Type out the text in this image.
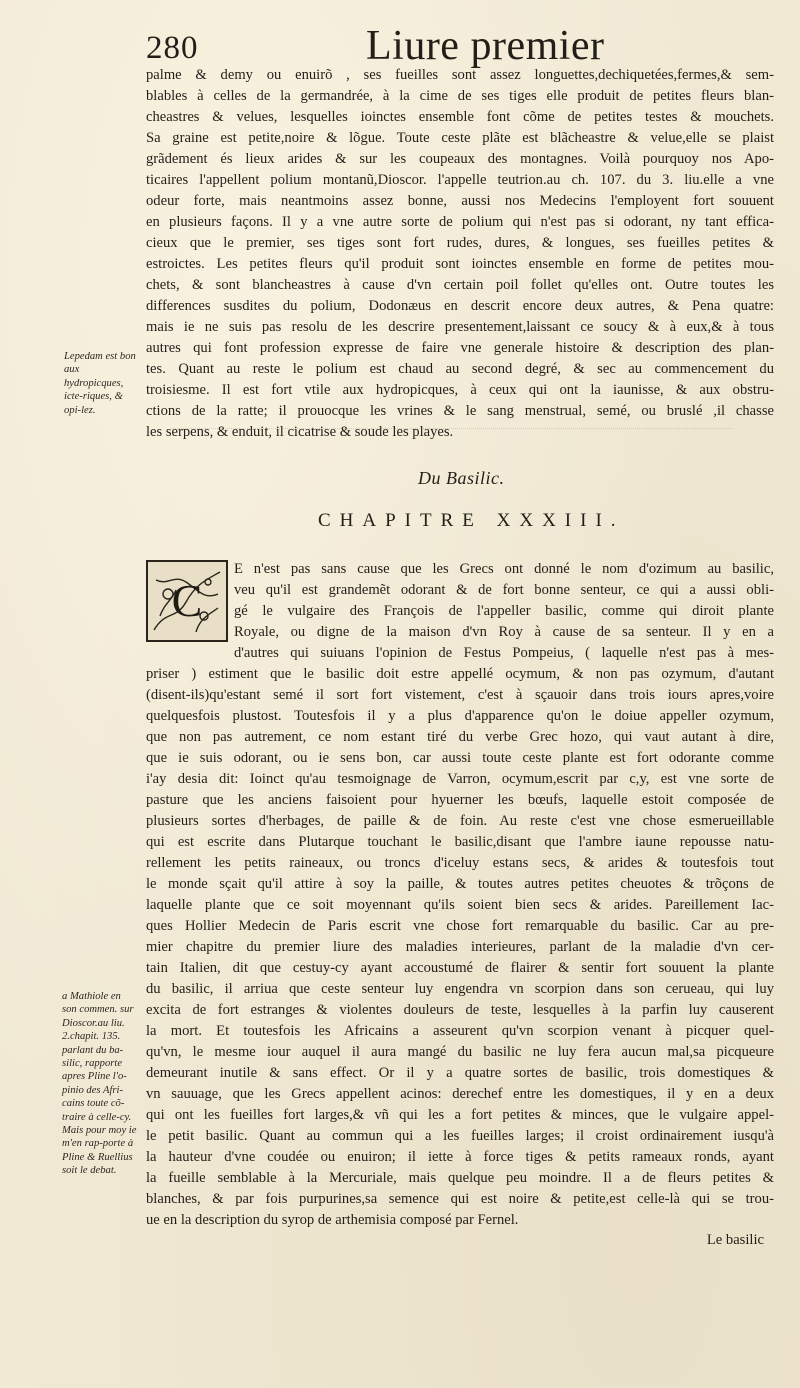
280	Liure premier
palme & demy ou enuirõ , ses fueilles sont assez longuettes,dechiquetées,fermes,& sem-
blables à celles de la germandrée, à la cime de ses tiges elle produit de petites fleurs blan-
cheastres & velues, lesquelles ioinctes ensemble font cõme de petites testes & mouchets.
Sa graine est petite,noire & lõgue. Toute ceste plãte est blãcheastre & velue,elle se plaist
grãdement és lieux arides & sur les coupeaux des montagnes. Voilà pourquoy nos Apo-
ticaires l'appellent polium montanũ,Dioscor. l'appelle teutrion.au ch. 107. du 3. liu.elle a vne
odeur forte, mais neantmoins assez bonne, aussi nos Medecins l'employent fort souuent
en plusieurs façons. Il y a vne autre sorte de polium qui n'est pas si odorant, ny tant effica-
cieux que le premier, ses tiges sont fort rudes, dures, & longues, ses fueilles petites &
estroictes. Les petites fleurs qu'il produit sont ioinctes ensemble en forme de petites mou-
chets, & sont blancheastres à cause d'vn certain poil follet qu'elles ont. Outre toutes les
differences susdites du polium, Dodonæus en descrit encore deux autres, & Pena quatre:
mais ie ne suis pas resolu de les descrire presentement,laissant ce soucy & à eux,& à tous
autres qui font profession expresse de faire vne generale histoire & description des plan-
tes. Quant au reste le polium est chaud au second degré, & sec au commencement du
troisiesme. Il est fort vtile aux hydropicques, à ceux qui ont la iaunisse, & aux obstru-
ctions de la ratte; il prouocque les vrines & le sang menstrual, semé, ou bruslé ,il chasse
les serpens, & enduit, il cicatrise & soude les playes.
Lepedam est bon aux hydropicques, icte-riques, & opi-lez.
Du Basilic.
CHAPITRE XXXIII.
C
E n'est pas sans cause que les Grecs ont donné le nom d'ozimum au basilic,
veu qu'il est grandemẽt odorant & de fort bonne senteur, ce qui a aussi obli-
gé le vulgaire des François de l'appeller basilic, comme qui diroit plante
Royale, ou digne de la maison d'vn Roy à cause de sa senteur. Il y en a
d'autres qui suiuans l'opinion de Festus Pompeius, ( laquelle n'est pas à mes-
priser ) estiment que le basilic doit estre appellé ocymum, & non pas ozymum, d'autant
(disent-ils)qu'estant semé il sort fort vistement, c'est à sçauoir dans trois iours apres,voire
quelquesfois plustost. Toutesfois il y a plus d'apparence qu'on le doiue appeller ozymum,
que non pas autrement, ce nom estant tiré du verbe Grec hozo, qui vaut autant à dire,
que ie suis odorant, ou ie sens bon, car aussi toute ceste plante est fort odorante comme
i'ay desia dit: Ioinct qu'au tesmoignage de Varron, ocymum,escrit par c,y, est vne sorte de
pasture que les anciens faisoient pour hyuerner les bœufs, laquelle estoit composée de
plusieurs sortes d'herbages, de paille & de foin. Au reste c'est vne chose esmerueillable
qui est escrite dans Plutarque touchant le basilic,disant que l'ambre iaune repousse natu-
rellement les petits raineaux, ou troncs d'iceluy estans secs, & arides & toutesfois tout
le monde sçait qu'il attire à soy la paille, & toutes autres petites cheuotes & trõçons de
laquelle plante que ce soit moyennant qu'ils soient bien secs & arides. Pareillement Iac-
ques Hollier Medecin de Paris escrit vne chose fort remarquable du basilic. Car au pre-
mier chapitre du premier liure des maladies interieures, parlant de la maladie d'vn cer-
tain Italien, dit que cestuy-cy ayant accoustumé de flairer & sentir fort souuent la plante
du basilic, il arriua que ceste senteur luy engendra vn scorpion dans son cerueau, qui luy
excita de fort estranges & violentes douleurs de teste, lesquelles à la parfin luy causerent
la mort. Et toutesfois les Africains a asseurent qu'vn scorpion venant à picquer quel-
qu'vn, le mesme iour auquel il aura mangé du basilic ne luy fera aucun mal,sa picqueure
demeurant inutile & sans effect. Or il y a quatre sortes de basilic, trois domestiques &
vn sauuage, que les Grecs appellent acinos: derechef entre les domestiques, il y en a deux
qui ont les fueilles fort larges,& vñ qui les a fort petites & minces, que le vulgaire appel-
le petit basilic. Quant au commun qui a les fueilles larges; il croist ordinairement iusqu'à
la hauteur d'vne coudée ou enuiron; il iette à force tiges & petits rameaux ronds, ayant
la fueille semblable à la Mercuriale, mais quelque peu moindre. Il a de fleurs petites &
blanches, & par fois purpurines,sa semence qui est noire & petite,est celle-là qui se trou-
ue en la description du syrop de arthemisia composé par Fernel.
a Mathiole en son commen. sur Dioscor.au liu. 2.chapit. 135. parlant du ba-silic, rapporte apres Pline l'o-pinio des Afri-cains toute cõ-traire à celle-cy. Mais pour moy ie m'en rap-porte à Pline & Ruellius soit le debat.
Le basilic
